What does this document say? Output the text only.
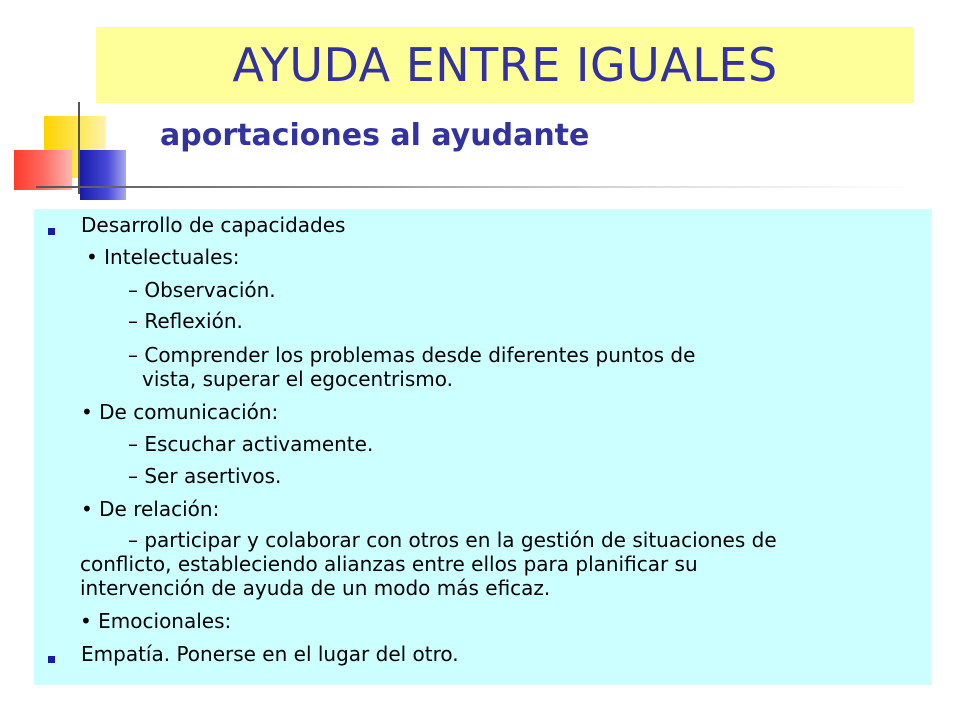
AYUDA ENTRE IGUALES
aportaciones al ayudante
Desarrollo de capacidades
• Intelectuales:
– Observación.
– Reflexión.
– Comprender los problemas desde diferentes puntos de
vista, superar el egocentrismo.
• De comunicación:
– Escuchar activamente.
– Ser asertivos.
• De relación:
– participar y colaborar con otros en la gestión de situaciones de
conflicto, estableciendo alianzas entre ellos para planificar su
intervención de ayuda de un modo más eficaz.
• Emocionales:
Empatía. Ponerse en el lugar del otro.
